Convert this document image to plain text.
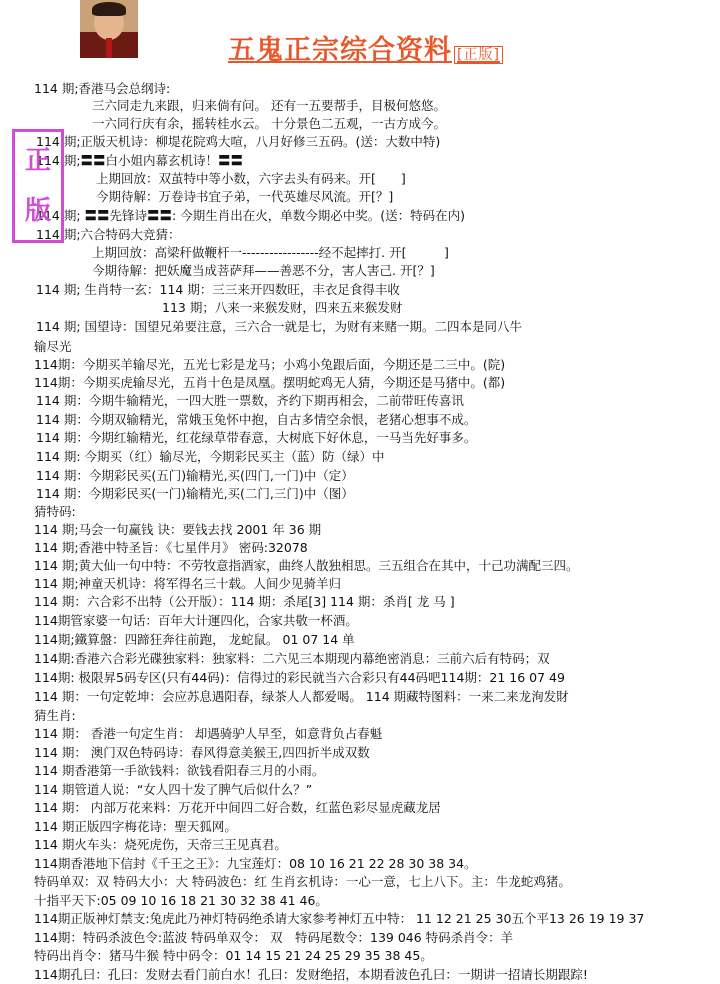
五鬼正宗综合资料 [正版]
114 期;香港马会总纲诗:
三六同走九来跟，归来倘有问。 还有一五要帮手，目极何悠悠。
一六同行庆有余，摇转桂水云。 十分景色二五观，一古方成今。
114 期;正版天机诗：柳堤花院鸡大喧，八月好修三五码。(送：大数中特)
114 期;〓〓白小姐内幕玄机诗！〓〓
上期回放：双茧特中等小数，六字去头有码来。开[　　]
今期待解：万卷诗书宜子弟，一代英雄尽风流。开[？]
114 期; 〓〓先锋诗〓〓: 今期生肖出在火，单数今期必中奖。(送：特码在内)
114 期;六合特码大竞猜：
上期回放：高梁秆做鞭杆一-----------------经不起摔打. 开[　　　]
今期待解：把妖魔当成菩萨拜——善恶不分，害人害己. 开[？]
114 期; 生肖特一玄：114 期：三三来开四数旺，丰衣足食得丰收
113 期；八来一来猴发财，四来五来猴发财
114 期; 国望诗：国望兄弟要注意，三六合一就是七，为财有来赌一期。二四本是同八牛
输尽光
114期：今期买羊输尽光，五光七彩是龙马；小鸡小兔跟后面，今期还是二三中。(院)
114期：今期买虎输尽光，五肖十色是凤凰。摆明蛇鸡无人猜，今期还是马猪中。(都)
114 期：今期牛输精光，一四大胜一票数，齐约下期再相会，二前带旺传喜讯
114 期：今期双输精光，常娥玉兔怀中抱，自古多情空余恨，老猪心想事不成。
114 期：今期红输精光，红花绿草带春意，大树底下好休息，一马当先好事多。
114 期: 今期买（红）输尽光，今期彩民买主（蓝）防（绿）中
114 期：今期彩民买(五门)输精光,买(四门,一门)中（定）
114 期：今期彩民买(一门)输精光,买(二门,三门)中（图）
猜特码:
114 期;马会一句赢钱 诀：要钱去找 2001 年 36 期
114 期;香港中特圣旨：《七星伴月》 密码:32078
114 期;黄大仙一句中特：不劳牧意指酒家，曲终人散独相思。三五组合在其中，十己功满配三四。
114 期;神童天机诗：将军得名三十载。人间少见骑羊归
114 期：六合彩不出特（公开版）：114 期：杀尾[3] 114 期：杀肖[ 龙 马 ]
114期管家婆一句话：百年大计運四化，合家共敬一杯酒。
114期;鐵算盤：四蹄狂奔往前跑， 龙蛇鼠。 01 07 14 单
114期:香港六合彩光碟独家料：独家料：二六见三本期现内幕绝密消息：三前六后有特码；双
114期: 极限昇5码专区(只有44码)：信得过的彩民就当六合彩只有44码吧114期：21 16 07 49
114 期：一句定乾坤：会应苏息遇阳春，绿茶人人都爱喝。 114 期藏特图料：一来二来龙洵发財
猜生肖:
114 期： 香港一句定生肖： 却遇骑驴人早至，如意背负占春魁
114 期： 澳门双色特码诗：春风得意美猴王,四四折半成双数
114 期香港第一手欲钱料：欲钱看阳春三月的小雨。
114 期管道人说：“女人四十发了脾气后似什么？”
114 期： 内部万花来料：万花开中间四二好合数，红蓝色彩尽显虎藏龙居
114 期正版四字梅花诗：聖天狐网。
114 期火车头：烧死虎伤，天帝三王见真君。
114期香港地下信封《千王之王》：九宝莲灯：08 10 16 21 22 28 30 38 34。
特码单双：双 特码大小：大 特码波色：红 生肖玄机诗：一心一意，七上八下。主：牛龙蛇鸡猪。
十指平天下:05 09 10 16 18 21 30 32 38 41 46。
114期正版神灯禁支:兔虎此乃神灯特码绝杀请大家参考神灯五中特： 11 12 21 25 30五个平13 26 19 19 37
114期：特码杀波色令:蓝波 特码单双令： 双　特码尾数令：139 046 特码杀肖令：羊
特码出肖令：猪马牛猴 特中码令：01 14 15 21 24 25 29 35 38 45。
114期孔曰：孔曰：发财去看门前白水！孔曰：发财绝招，本期看波色孔曰：一期讲一招请长期跟踪!
正
版
